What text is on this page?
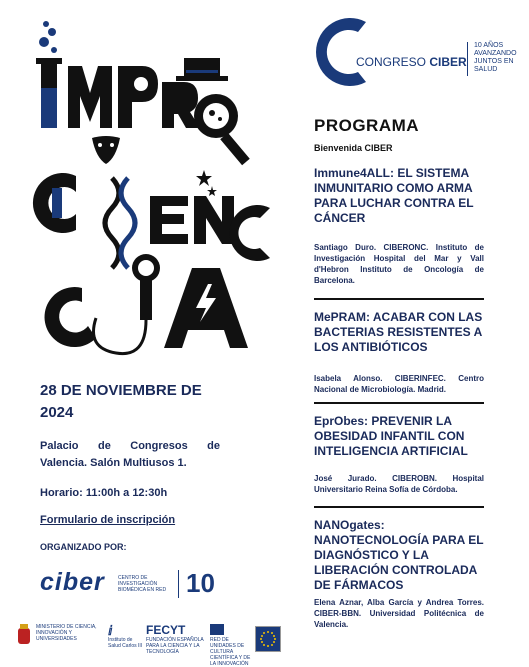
28 DE NOVIEMBRE DE 2024
Palacio de Congresos de Valencia. Salón Multiusos 1.
Horario: 11:00h a 12:30h
Formulario de inscripción
ORGANIZADO POR:
ciber	CENTRO DE INVESTIGACIÓN BIOMÉDICA EN RED 10
MINISTERIO DE CIENCIA, INNOVACIÓN Y UNIVERSIDADES
ⅈ
Instituto de Salud Carlos III
FECYT
FUNDACIÓN ESPAÑOLA PARA LA CIENCIA Y LA TECNOLOGÍA
RED DE UNIDADES DE CULTURA CIENTÍFICA Y DE LA INNOVACIÓN
CONGRESO CIBER
10 AÑOS AVANZANDO JUNTOS EN SALUD
PROGRAMA
Bienvenida CIBER
Immune4ALL: EL SISTEMA INMUNITARIO COMO ARMA PARA LUCHAR CONTRA EL CÁNCER
Santiago Duro. CIBERONC. Instituto de Investigación Hospital del Mar y Vall d'Hebron Instituto de Oncología de Barcelona.
MePRAM: ACABAR CON LAS BACTERIAS RESISTENTES A LOS ANTIBIÓTICOS
Isabela Alonso. CIBERINFEC. Centro Nacional de Microbiología. Madrid.
EprObes: PREVENIR LA OBESIDAD INFANTIL CON INTELIGENCIA ARTIFICIAL
José Jurado. CIBEROBN. Hospital Universitario Reina Sofía de Córdoba.
NANOgates: NANOTECNOLOGÍA PARA EL DIAGNÓSTICO Y LA LIBERACIÓN CONTROLADA DE FÁRMACOS
Elena Aznar, Alba García y Andrea Torres. CIBER-BBN. Universidad Politécnica de Valencia.
